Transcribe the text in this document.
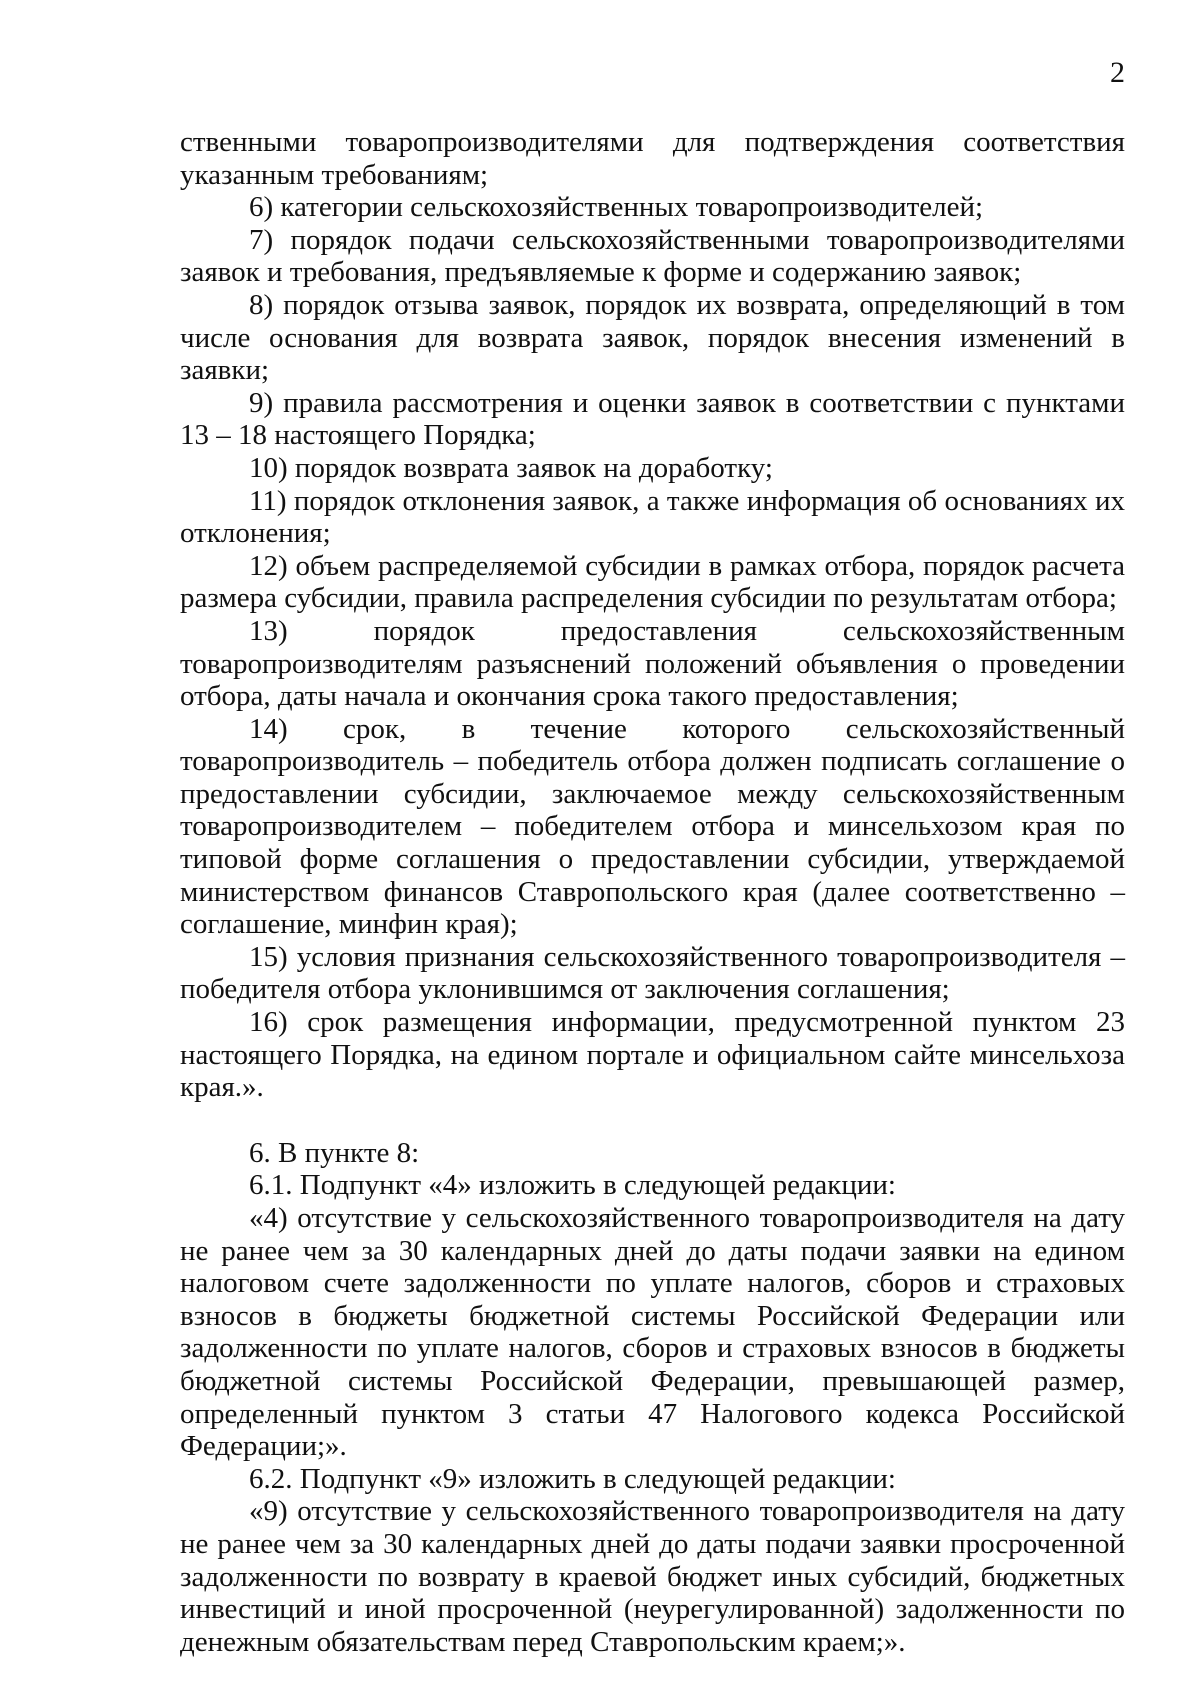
2

ственными товаропроизводителями для подтверждения соответствия указанным требованиям;

6) категории сельскохозяйственных товаропроизводителей;

7) порядок подачи сельскохозяйственными товаропроизводителями заявок и требования, предъявляемые к форме и содержанию заявок;

8) порядок отзыва заявок, порядок их возврата, определяющий в том числе основания для возврата заявок, порядок внесения изменений в заявки;

9) правила рассмотрения и оценки заявок в соответствии с пунктами 13 – 18 настоящего Порядка;

10) порядок возврата заявок на доработку;

11) порядок отклонения заявок, а также информация об основаниях их отклонения;

12) объем распределяемой субсидии в рамках отбора, порядок расчета размера субсидии, правила распределения субсидии по результатам отбора;

13) порядок предоставления сельскохозяйственным товаропроизводителям разъяснений положений объявления о проведении отбора, даты начала и окончания срока такого предоставления;

14) срок, в течение которого сельскохозяйственный товаропроизводитель – победитель отбора должен подписать соглашение о предоставлении субсидии, заключаемое между сельскохозяйственным товаропроизводителем – победителем отбора и минсельхозом края по типовой форме соглашения о предоставлении субсидии, утверждаемой министерством финансов Ставропольского края (далее соответственно – соглашение, минфин края);

15) условия признания сельскохозяйственного товаропроизводителя – победителя отбора уклонившимся от заключения соглашения;

16) срок размещения информации, предусмотренной пунктом 23 настоящего Порядка, на едином портале и официальном сайте минсельхоза края.».

6. В пункте 8:

6.1. Подпункт «4» изложить в следующей редакции:

«4) отсутствие у сельскохозяйственного товаропроизводителя на дату не ранее чем за 30 календарных дней до даты подачи заявки на едином налоговом счете задолженности по уплате налогов, сборов и страховых взносов в бюджеты бюджетной системы Российской Федерации или задолженности по уплате налогов, сборов и страховых взносов в бюджеты бюджетной системы Российской Федерации, превышающей размер, определенный пунктом 3 статьи 47 Налогового кодекса Российской Федерации;».

6.2. Подпункт «9» изложить в следующей редакции:

«9) отсутствие у сельскохозяйственного товаропроизводителя на дату не ранее чем за 30 календарных дней до даты подачи заявки просроченной задолженности по возврату в краевой бюджет иных субсидий, бюджетных инвестиций и иной просроченной (неурегулированной) задолженности по денежным обязательствам перед Ставропольским краем;».
